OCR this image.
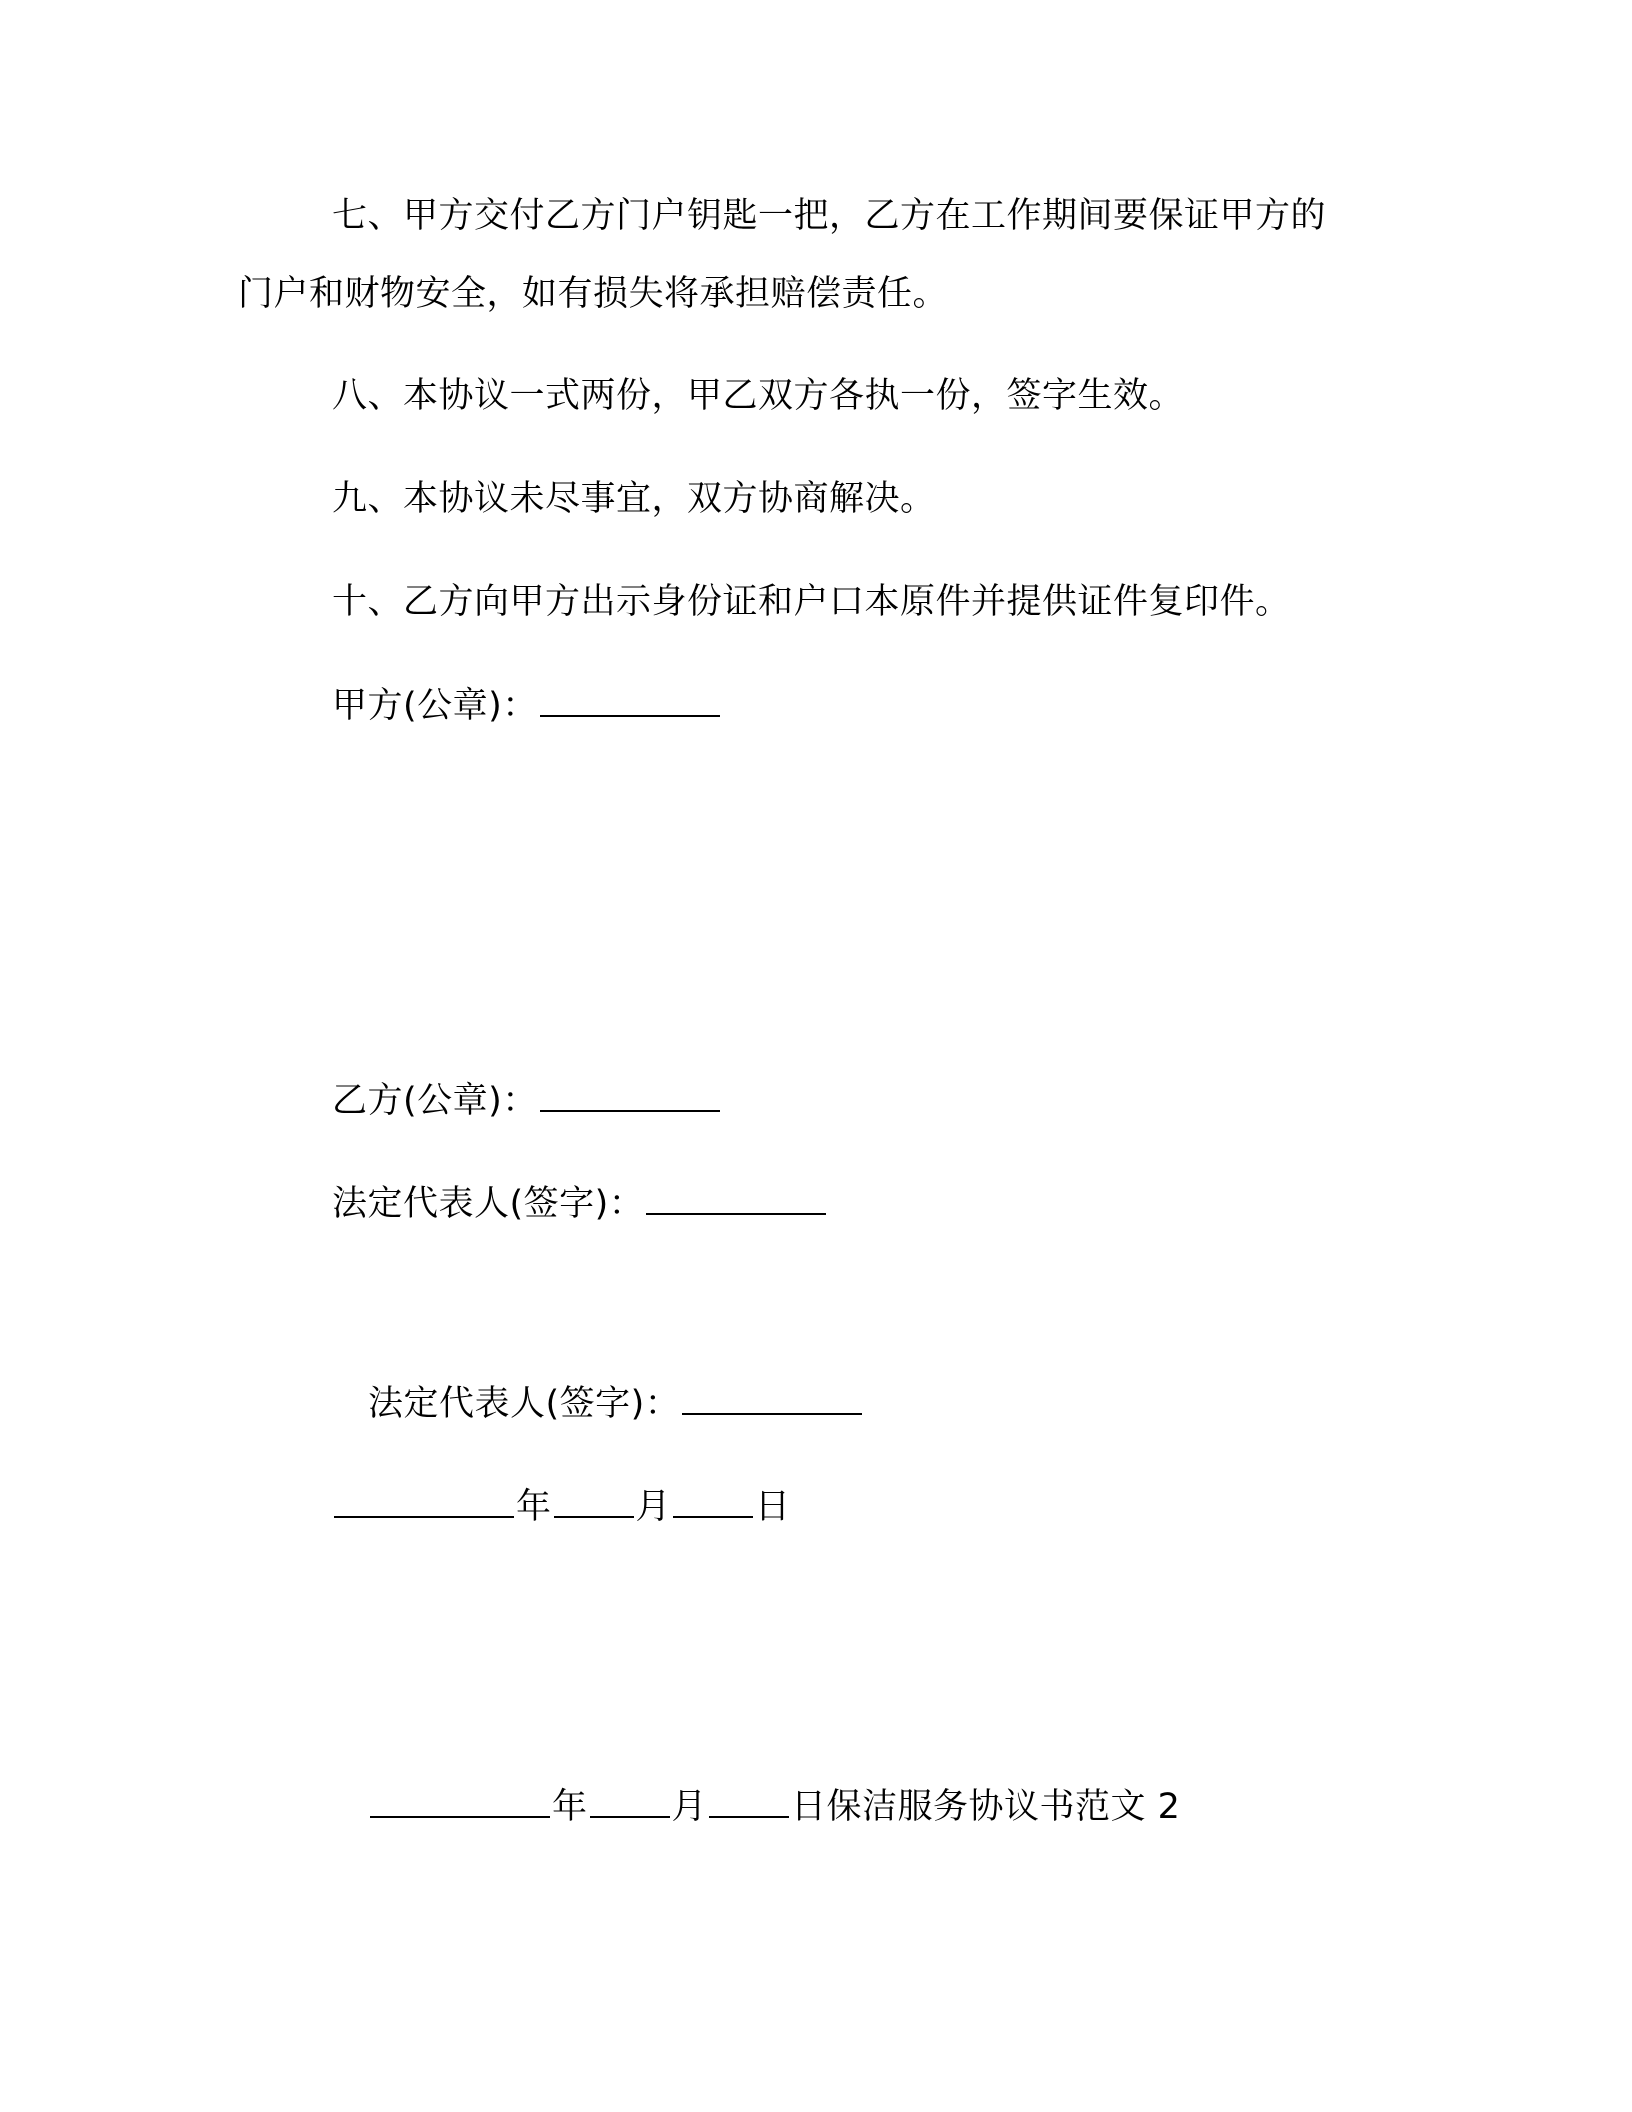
七、甲方交付乙方门户钥匙一把，乙方在工作期间要保证甲方的
门户和财物安全，如有损失将承担赔偿责任。
八、本协议一式两份，甲乙双方各执一份，签字生效。
九、本协议未尽事宜，双方协商解决。
十、乙方向甲方出示身份证和户口本原件并提供证件复印件。
甲方(公章)：
乙方(公章)：
法定代表人(签字)：
法定代表人(签字)：
年 月 日
年 月 日保洁服务协议书范文 2
